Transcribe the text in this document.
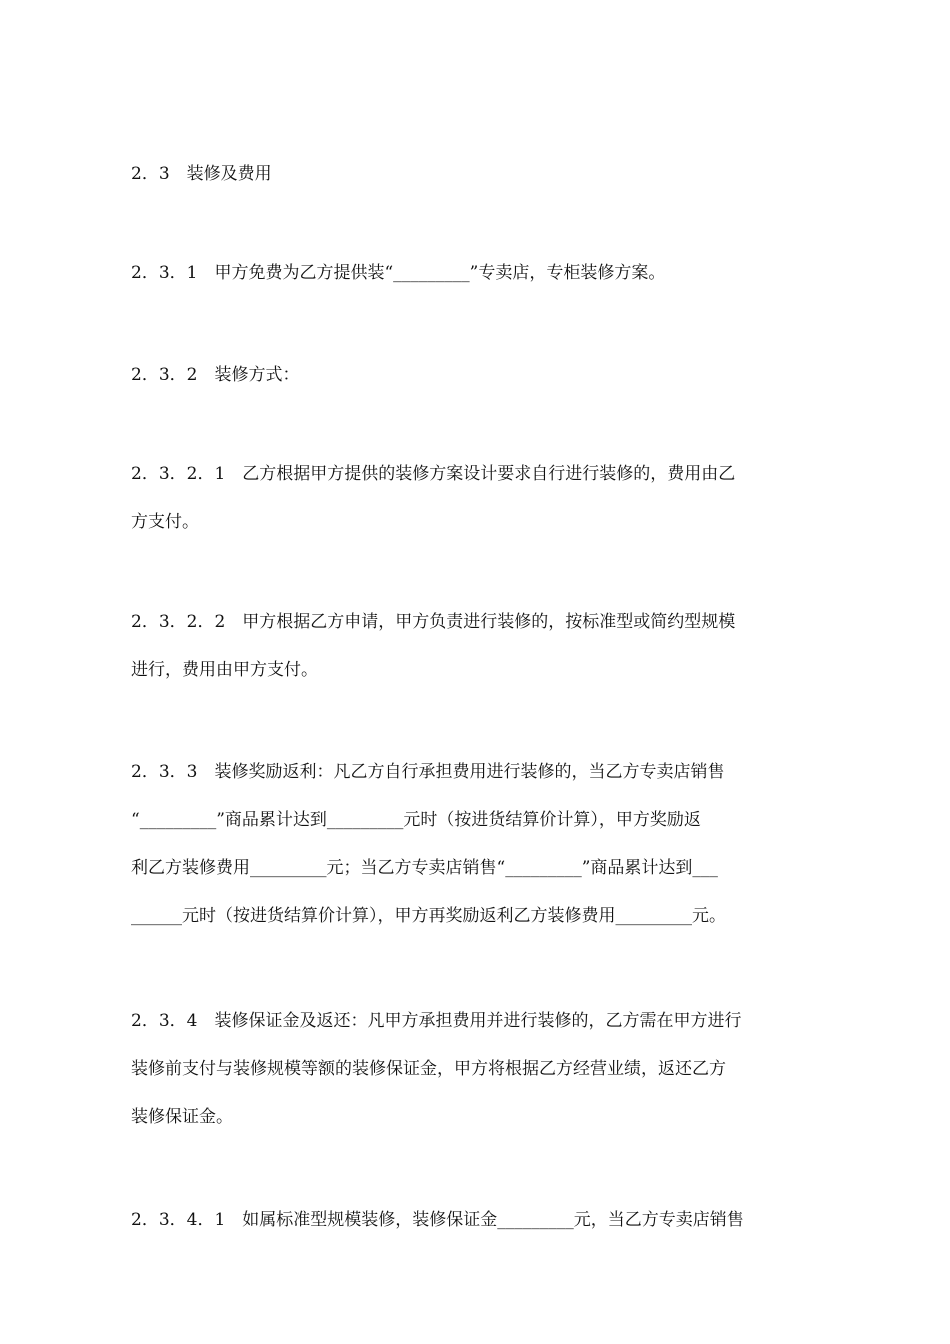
2．3　装修及费用
2．3．1　甲方免费为乙方提供装“_________”专卖店，专柜装修方案。
2．3．2　装修方式：
2．3．2．1　乙方根据甲方提供的装修方案设计要求自行进行装修的，费用由乙
方支付。
2．3．2．2　甲方根据乙方申请，甲方负责进行装修的，按标准型或简约型规模
进行，费用由甲方支付。
2．3．3　装修奖励返利：凡乙方自行承担费用进行装修的，当乙方专卖店销售
“_________”商品累计达到_________元时（按进货结算价计算），甲方奖励返
利乙方装修费用_________元；当乙方专卖店销售“_________”商品累计达到___
______元时（按进货结算价计算），甲方再奖励返利乙方装修费用_________元。
2．3．4　装修保证金及返还：凡甲方承担费用并进行装修的，乙方需在甲方进行
装修前支付与装修规模等额的装修保证金，甲方将根据乙方经营业绩，返还乙方
装修保证金。
2．3．4．1　如属标准型规模装修，装修保证金_________元，当乙方专卖店销售
